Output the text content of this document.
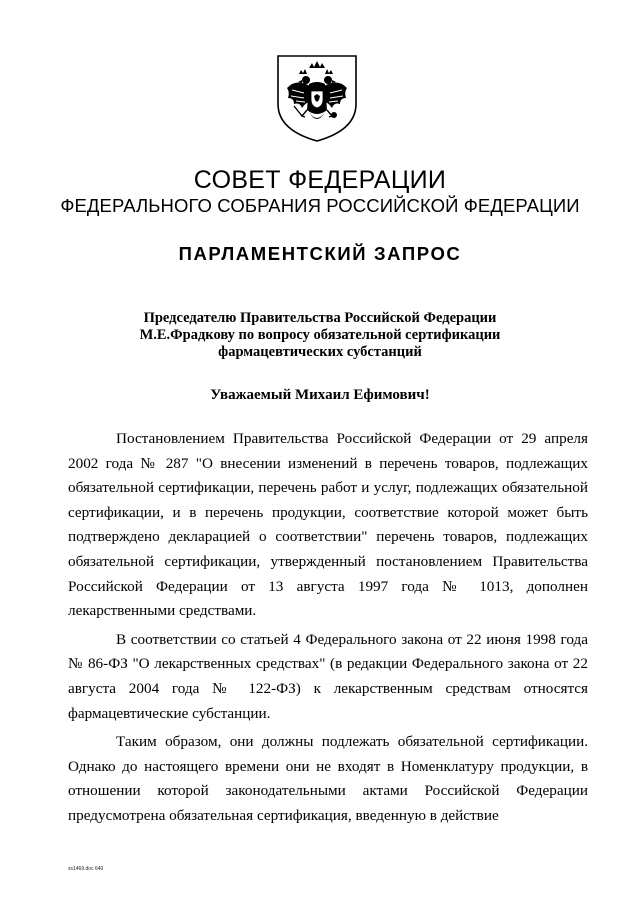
СОВЕТ ФЕДЕРАЦИИ
ФЕДЕРАЛЬНОГО СОБРАНИЯ РОССИЙСКОЙ ФЕДЕРАЦИИ
ПАРЛАМЕНТСКИЙ ЗАПРОС
Председателю Правительства Российской Федерации
М.Е.Фрадкову по вопросу обязательной сертификации
фармацевтических субстанций
Уважаемый Михаил Ефимович!

Постановлением Правительства Российской Федерации от 29 апреля 2002 года № 287 "О внесении изменений в перечень товаров, подлежащих обязательной сертификации, перечень работ и услуг, подлежащих обязательной сертификации, и в перечень продукции, соответствие которой может быть подтверждено декларацией о соответствии" перечень товаров, подлежащих обязательной сертификации, утвержденный постановлением Правительства Российской Федерации от 13 августа 1997 года № 1013, дополнен лекарственными средствами.

В соответствии со статьей 4 Федерального закона от 22 июня 1998 года № 86-ФЗ "О лекарственных средствах" (в редакции Федерального закона от 22 августа 2004 года № 122-ФЗ) к лекарственным средствам относятся фармацевтические субстанции.

Таким образом, они должны подлежать обязательной сертификации. Однако до настоящего времени они не входят в Номенклатуру продукции, в отношении которой законодательными актами Российской Федерации предусмотрена обязательная сертификация, введенную в действие

zs1469.doc 640
